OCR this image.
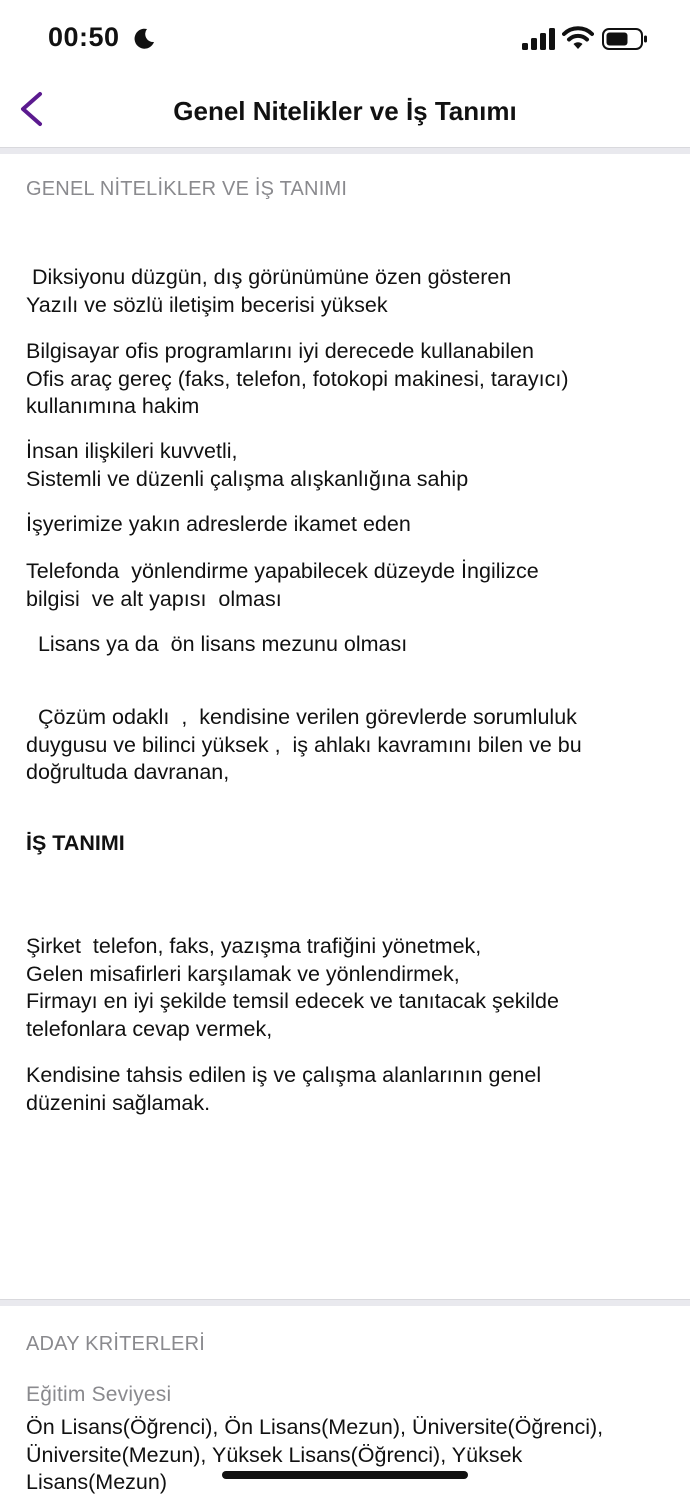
00:50
Genel Nitelikler ve İş Tanımı
GENEL NİTELİKLER VE İŞ TANIMI

Diksiyonu düzgün, dış görünümüne özen gösteren
Yazılı ve sözlü iletişim becerisi yüksek

Bilgisayar ofis programlarını iyi derecede kullanabilen
Ofis araç gereç (faks, telefon, fotokopi makinesi, tarayıcı)
kullanımına hakim

İnsan ilişkileri kuvvetli,
Sistemli ve düzenli çalışma alışkanlığına sahip

İşyerimize yakın adreslerde ikamet eden

Telefonda  yönlendirme yapabilecek düzeyde İngilizce
bilgisi  ve alt yapısı  olması

Lisans ya da  ön lisans mezunu olması

Çözüm odaklı  ,  kendisine verilen görevlerde sorumluluk
duygusu ve bilinci yüksek ,  iş ahlakı kavramını bilen ve bu
doğrultuda davranan,

İŞ TANIMI

Şirket  telefon, faks, yazışma trafiğini yönetmek,
Gelen misafirleri karşılamak ve yönlendirmek,
Firmayı en iyi şekilde temsil edecek ve tanıtacak şekilde
telefonlara cevap vermek,

Kendisine tahsis edilen iş ve çalışma alanlarının genel
düzenini sağlamak.

ADAY KRİTERLERİ
Eğitim Seviyesi
Ön Lisans(Öğrenci), Ön Lisans(Mezun), Üniversite(Öğrenci),
Üniversite(Mezun), Yüksek Lisans(Öğrenci), Yüksek
Lisans(Mezun)
